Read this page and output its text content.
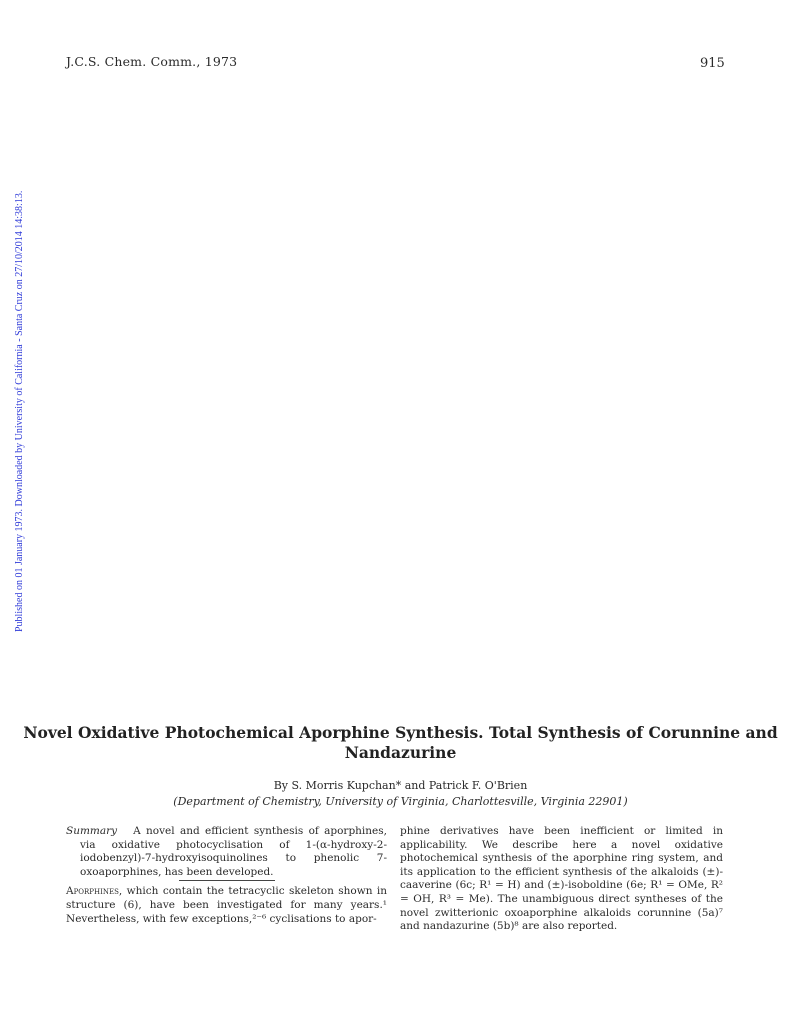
J.C.S. Chem. Comm., 1973	915
Published on 01 January 1973. Downloaded by University of California - Santa Cruz on 27/10/2014 14:38:13.
Novel Oxidative Photochemical Aporphine Synthesis. Total Synthesis of Corunnine and Nandazurine
By S. Morris Kupchan* and Patrick F. O'Brien
(Department of Chemistry, University of Virginia, Charlottesville, Virginia 22901)
Summary A novel and efficient synthesis of aporphines, via oxidative photocyclisation of 1-(α-hydroxy-2-iodobenzyl)-7-hydroxyisoquinolines to phenolic 7-oxoaporphines, has been developed.
Aporphines, which contain the tetracyclic skeleton shown in structure (6), have been investigated for many years.¹ Nevertheless, with few exceptions,²⁻⁶ cyclisations to apor-
phine derivatives have been inefficient or limited in applicability. We describe here a novel oxidative photochemical synthesis of the aporphine ring system, and its application to the efficient synthesis of the alkaloids (±)-caaverine (6c; R¹ = H) and (±)-isoboldine (6e; R¹ = OMe, R² = OH, R³ = Me). The unambiguous direct syntheses of the novel zwitterionic oxoaporphine alkaloids corunnine (5a)⁷ and nandazurine (5b)⁸ are also reported.
